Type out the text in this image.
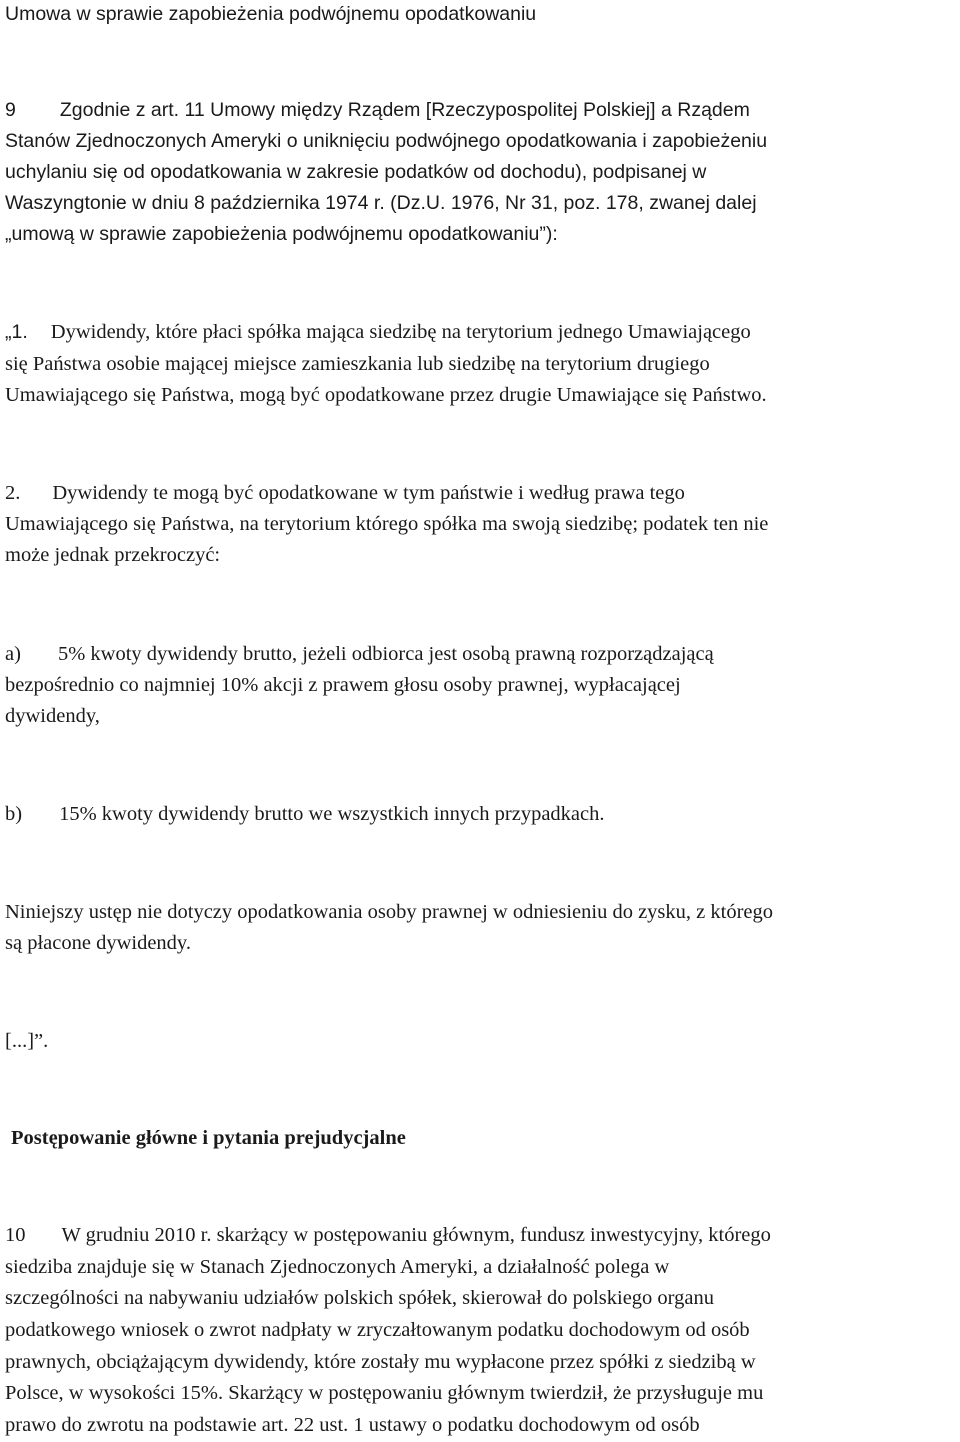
Umowa w sprawie zapobieżenia podwójnemu opodatkowaniu
9 Zgodnie z art. 11 Umowy między Rządem [Rzeczypospolitej Polskiej] a Rządem
Stanów Zjednoczonych Ameryki o uniknięciu podwójnego opodatkowania i zapobieżeniu
uchylaniu się od opodatkowania w zakresie podatków od dochodu), podpisanej w
Waszyngtonie w dniu 8 października 1974 r. (Dz.U. 1976, Nr 31, poz. 178, zwanej dalej
„umową w sprawie zapobieżenia podwójnemu opodatkowaniu”):
„1. Dywidendy, które płaci spółka mająca siedzibę na terytorium jednego Umawiającego
się Państwa osobie mającej miejsce zamieszkania lub siedzibę na terytorium drugiego
Umawiającego się Państwa, mogą być opodatkowane przez drugie Umawiające się Państwo.
2. Dywidendy te mogą być opodatkowane w tym państwie i według prawa tego
Umawiającego się Państwa, na terytorium którego spółka ma swoją siedzibę; podatek ten nie
może jednak przekroczyć:
a) 5% kwoty dywidendy brutto, jeżeli odbiorca jest osobą prawną rozporządzającą
bezpośrednio co najmniej 10% akcji z prawem głosu osoby prawnej, wypłacającej
dywidendy,
b) 15% kwoty dywidendy brutto we wszystkich innych przypadkach.
Niniejszy ustęp nie dotyczy opodatkowania osoby prawnej w odniesieniu do zysku, z którego
są płacone dywidendy.
[...]”.
Postępowanie główne i pytania prejudycjalne
10 W grudniu 2010 r. skarżący w postępowaniu głównym, fundusz inwestycyjny, którego
siedziba znajduje się w Stanach Zjednoczonych Ameryki, a działalność polega w
szczególności na nabywaniu udziałów polskich spółek, skierował do polskiego organu
podatkowego wniosek o zwrot nadpłaty w zryczałtowanym podatku dochodowym od osób
prawnych, obciążającym dywidendy, które zostały mu wypłacone przez spółki z siedzibą w
Polsce, w wysokości 15%. Skarżący w postępowaniu głównym twierdził, że przysługuje mu
prawo do zwrotu na podstawie art. 22 ust. 1 ustawy o podatku dochodowym od osób
